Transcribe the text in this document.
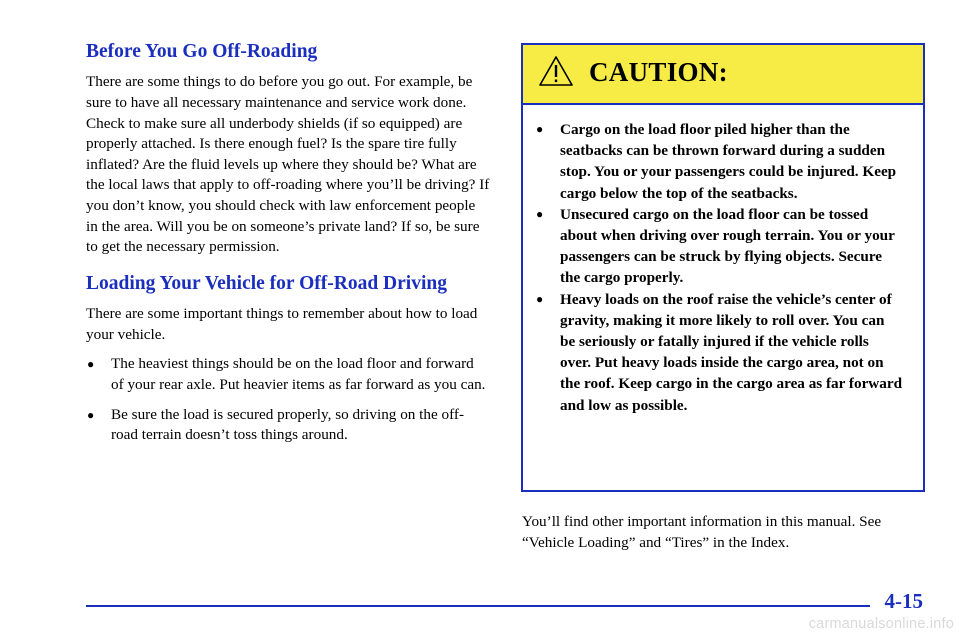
Before You Go Off-Roading

There are some things to do before you go out. For example, be sure to have all necessary maintenance and service work done. Check to make sure all underbody shields (if so equipped) are properly attached. Is there enough fuel? Is the spare tire fully inflated? Are the fluid levels up where they should be? What are the local laws that apply to off-roading where you’ll be driving? If you don’t know, you should check with law enforcement people in the area. Will you be on someone’s private land? If so, be sure to get the necessary permission.

Loading Your Vehicle for Off-Road Driving

There are some important things to remember about how to load your vehicle.

● The heaviest things should be on the load floor and forward of your rear axle. Put heavier items as far forward as you can.
● Be sure the load is secured properly, so driving on the off-road terrain doesn’t toss things around.
CAUTION:
● Cargo on the load floor piled higher than the seatbacks can be thrown forward during a sudden stop. You or your passengers could be injured. Keep cargo below the top of the seatbacks.
● Unsecured cargo on the load floor can be tossed about when driving over rough terrain. You or your passengers can be struck by flying objects. Secure the cargo properly.
● Heavy loads on the roof raise the vehicle’s center of gravity, making it more likely to roll over. You can be seriously or fatally injured if the vehicle rolls over. Put heavy loads inside the cargo area, not on the roof. Keep cargo in the cargo area as far forward and low as possible.

You’ll find other important information in this manual. See “Vehicle Loading” and “Tires” in the Index.

4-15
carmanualsonline.info
